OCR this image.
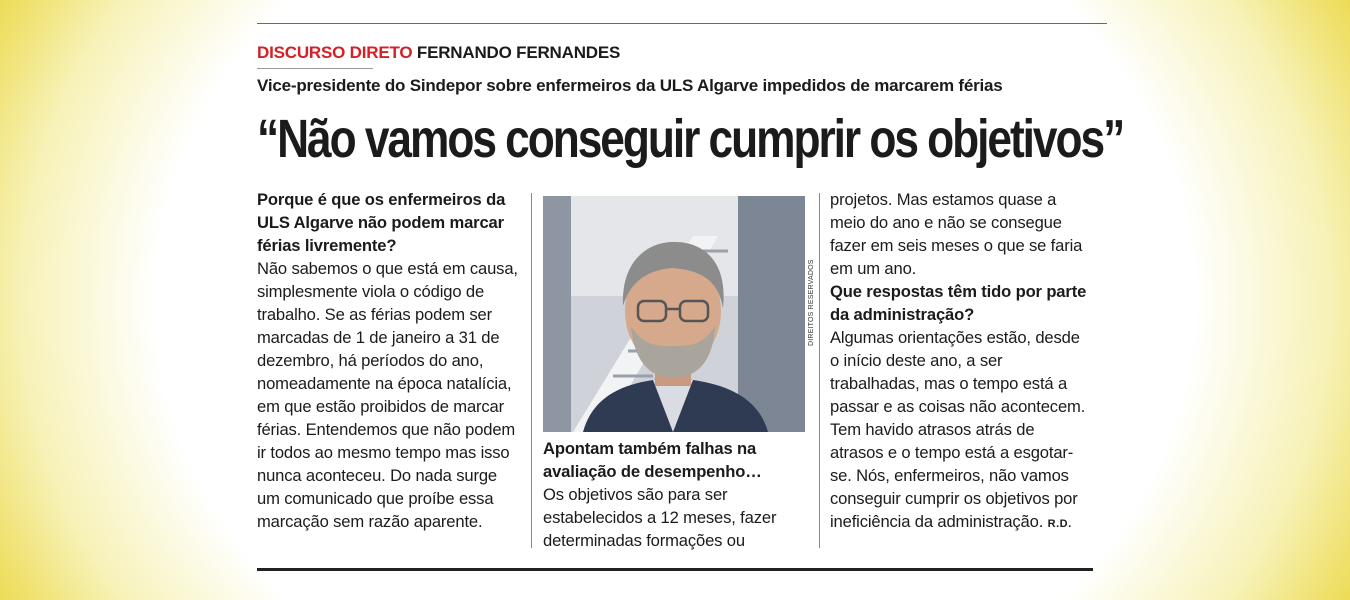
DISCURSO DIRETO FERNANDO FERNANDES
Vice-presidente do Sindepor sobre enfermeiros da ULS Algarve impedidos de marcarem férias
“Não vamos conseguir cumprir os objetivos”

Porque é que os enfermeiros da ULS Algarve não podem marcar férias livremente?

Não sabemos o que está em causa, simplesmente viola o código de trabalho. Se as férias podem ser marcadas de 1 de janeiro a 31 de dezembro, há períodos do ano, nomeadamente na época natalícia, em que estão proibidos de marcar férias. Entendemos que não podem ir todos ao mesmo tempo mas isso nunca aconteceu. Do nada surge um comunicado que proíbe essa marcação sem razão aparente.

DIREITOS RESERVADOS

Apontam também falhas na avaliação de desempenho…

Os objetivos são para ser estabelecidos a 12 meses, fazer determinadas formações ou

projetos. Mas estamos quase a meio do ano e não se consegue fazer em seis meses o que se faria em um ano.

Que respostas têm tido por parte da administração?

Algumas orientações estão, desde o início deste ano, a ser trabalhadas, mas o tempo está a passar e as coisas não acontecem. Tem havido atrasos atrás de atrasos e o tempo está a esgotar-se. Nós, enfermeiros, não vamos conseguir cumprir os objetivos por ineficiência da administração. R.D.
